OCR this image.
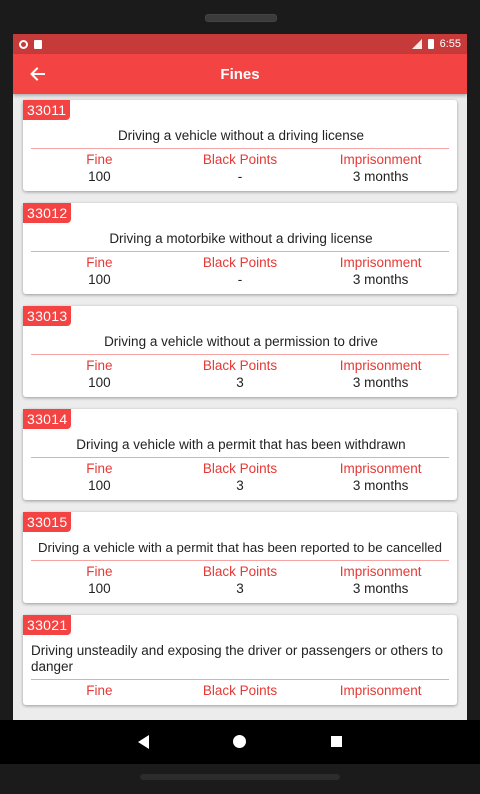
6:55
Fines
33011
Driving a vehicle without a driving license
Fine	Black Points	Imprisonment
100	-	3 months
33012
Driving a motorbike without a driving license
Fine	Black Points	Imprisonment
100	-	3 months
33013
Driving a vehicle without a permission to drive
Fine	Black Points	Imprisonment
100	3	3 months
33014
Driving a vehicle with a permit that has been withdrawn
Fine	Black Points	Imprisonment
100	3	3 months
33015
Driving a vehicle with a permit that has been reported to be cancelled
Fine	Black Points	Imprisonment
100	3	3 months
33021
Driving unsteadily and exposing the driver or passengers or others to danger
Fine	Black Points	Imprisonment
